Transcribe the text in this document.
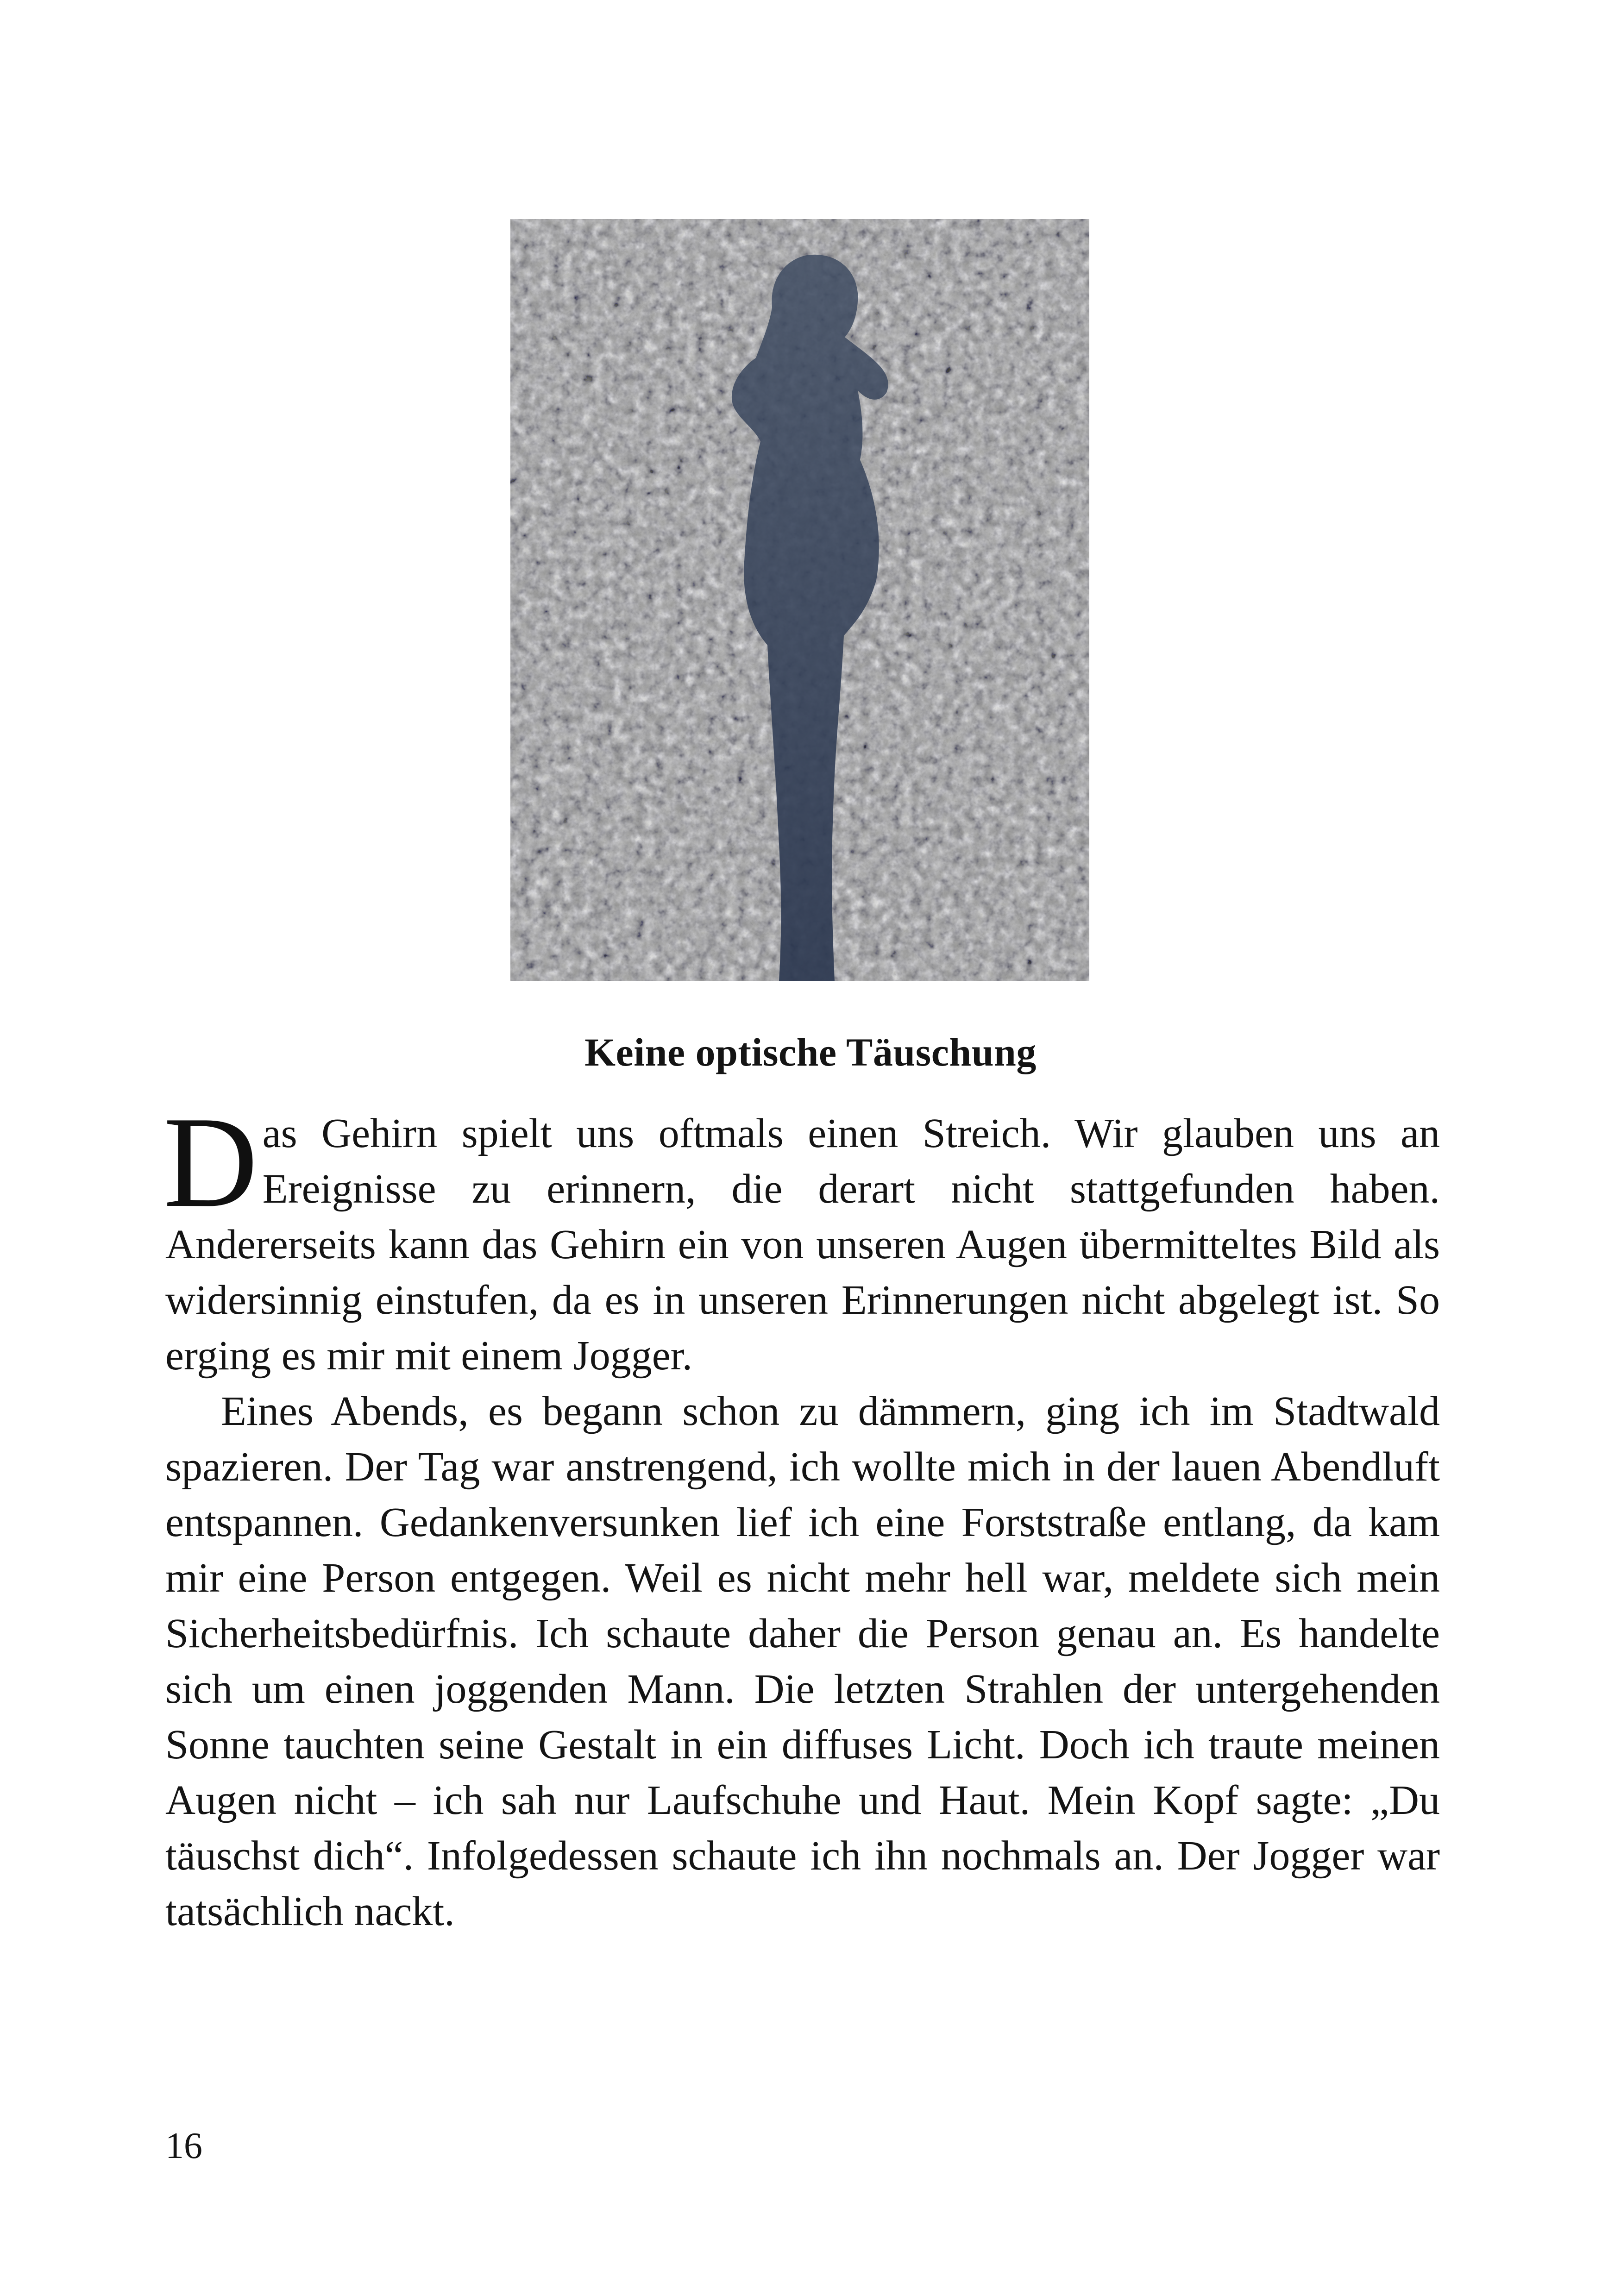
Keine optische Täuschung

Das Gehirn spielt uns oftmals einen Streich. Wir glauben uns an Ereignisse zu erinnern, die derart nicht stattgefunden haben. Andererseits kann das Gehirn ein von unseren Augen übermitteltes Bild als widersinnig einstufen, da es in unseren Erinnerungen nicht abgelegt ist. So erging es mir mit einem Jogger.

Eines Abends, es begann schon zu dämmern, ging ich im Stadtwald spazieren. Der Tag war anstrengend, ich wollte mich in der lauen Abendluft entspannen. Gedankenversunken lief ich eine Forststraße entlang, da kam mir eine Person entgegen. Weil es nicht mehr hell war, meldete sich mein Sicherheitsbedürfnis. Ich schaute daher die Person genau an. Es handelte sich um einen joggenden Mann. Die letzten Strahlen der untergehenden Sonne tauchten seine Gestalt in ein diffuses Licht. Doch ich traute meinen Augen nicht – ich sah nur Laufschuhe und Haut. Mein Kopf sagte: „Du täuschst dich“. Infolgedessen schaute ich ihn nochmals an. Der Jogger war tatsächlich nackt.

16
